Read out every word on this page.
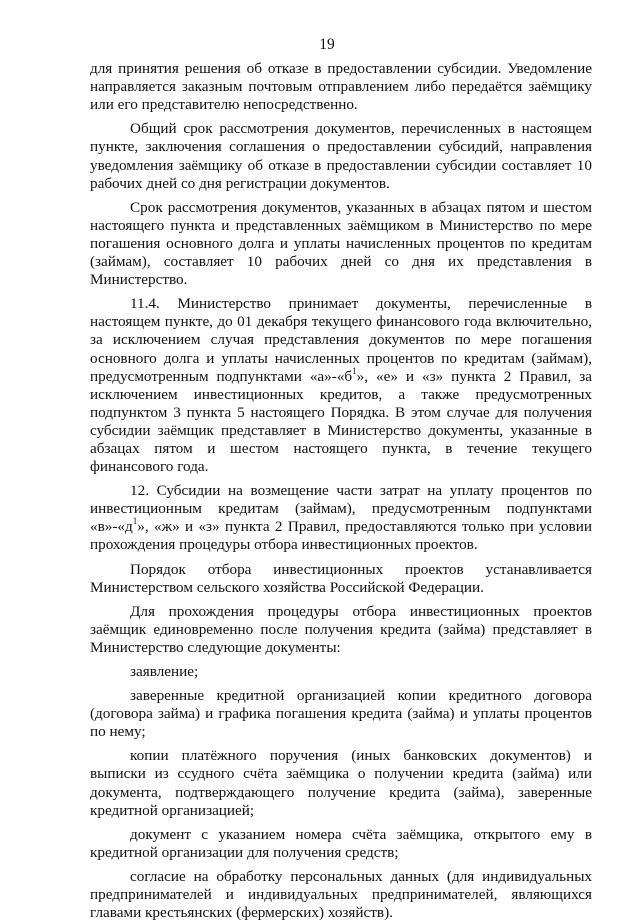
19

для принятия решения об отказе в предоставлении субсидии. Уведомление направляется заказным почтовым отправлением либо передаётся заёмщику или его представителю непосредственно.

Общий срок рассмотрения документов, перечисленных в настоящем пункте, заключения соглашения о предоставлении субсидий, направления уведомления заёмщику об отказе в предоставлении субсидии составляет 10 рабочих дней со дня регистрации документов.

Срок рассмотрения документов, указанных в абзацах пятом и шестом настоящего пункта и представленных заёмщиком в Министерство по мере погашения основного долга и уплаты начисленных процентов по кредитам (займам), составляет 10 рабочих дней со дня их представления в Министерство.

11.4. Министерство принимает документы, перечисленные в настоящем пункте, до 01 декабря текущего финансового года включительно, за исключением случая представления документов по мере погашения основного долга и уплаты начисленных процентов по кредитам (займам), предусмотренным подпунктами «$а»-«б^1$», «е» и «з» пункта 2 Правил, за исключением инвестиционных кредитов, а также предусмотренных подпунктом 3 пункта 5 настоящего Порядка. В этом случае для получения субсидии заёмщик представляет в Министерство документы, указанные в абзацах пятом и шестом настоящего пункта, в течение текущего финансового года.

12. Субсидии на возмещение части затрат на уплату процентов по инвестиционным кредитам (займам), предусмотренным подпунктами «$в»-«д^1$», «ж» и «з» пункта 2 Правил, предоставляются только при условии прохождения процедуры отбора инвестиционных проектов.

Порядок отбора инвестиционных проектов устанавливается Министерством сельского хозяйства Российской Федерации.

Для прохождения процедуры отбора инвестиционных проектов заёмщик единовременно после получения кредита (займа) представляет в Министерство следующие документы:

заявление;

заверенные кредитной организацией копии кредитного договора (договора займа) и графика погашения кредита (займа) и уплаты процентов по нему;

копии платёжного поручения (иных банковских документов) и выписки из ссудного счёта заёмщика о получении кредита (займа) или документа, подтверждающего получение кредита (займа), заверенные кредитной организацией;

документ с указанием номера счёта заёмщика, открытого ему в кредитной организации для получения средств;

согласие на обработку персональных данных (для индивидуальных предпринимателей и индивидуальных предпринимателей, являющихся главами крестьянских (фермерских) хозяйств).
